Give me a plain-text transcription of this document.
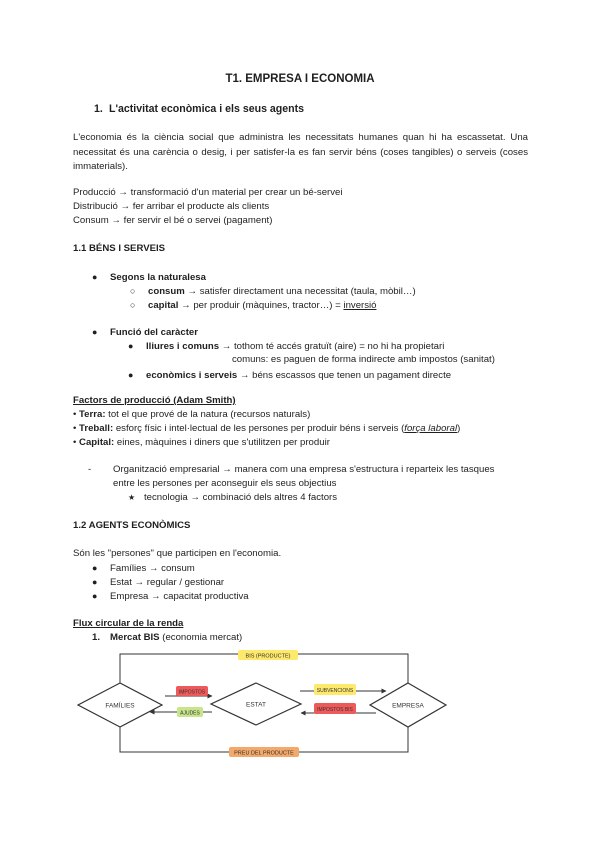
T1. EMPRESA I ECONOMIA
1. L'activitat econòmica i els seus agents
L'economia és la ciència social que administra les necessitats humanes quan hi ha escassetat. Una necessitat és una carència o desig, i per satisfer-la es fan servir béns (coses tangibles) o serveis (coses immaterials).
Producció → transformació d'un material per crear un bé-servei
Distribució → fer arribar el producte als clients
Consum → fer servir el bé o servei (pagament)
1.1 BÉNS I SERVEIS
● Segons la naturalesa
○ consum → satisfer directament una necessitat (taula, mòbil…)
○ capital → per produir (màquines, tractor…) = inversió
● Funció del caràcter
● lliures i comuns → tothom té accés gratuït (aire) = no hi ha propietari
comuns: es paguen de forma indirecte amb impostos (sanitat)
● econòmics i serveis → béns escassos que tenen un pagament directe
Factors de producció (Adam Smith)
• Terra: tot el que prové de la natura (recursos naturals)
• Treball: esforç físic i intel·lectual de les persones per produir béns i serveis (força laboral)
• Capital: eines, màquines i diners que s'utilitzen per produir
- Organització empresarial → manera com una empresa s'estructura i reparteix les tasques
entre les persones per aconseguir els seus objectius
★ tecnologia → combinació dels altres 4 factors
1.2 AGENTS ECONÒMICS
Són les "persones" que participen en l'economia.
● Famílies → consum
● Estat → regular / gestionar
● Empresa → capacitat productiva
Flux circular de la renda
1. Mercat BIS (economia mercat)
FAMÍLIES	ESTAT	EMPRESA
BIS (PRODUCTE)
IMPOSTOS
AJUDES
SUBVENCIONS
IMPOSTOS BIS
PREU DEL PRODUCTE
